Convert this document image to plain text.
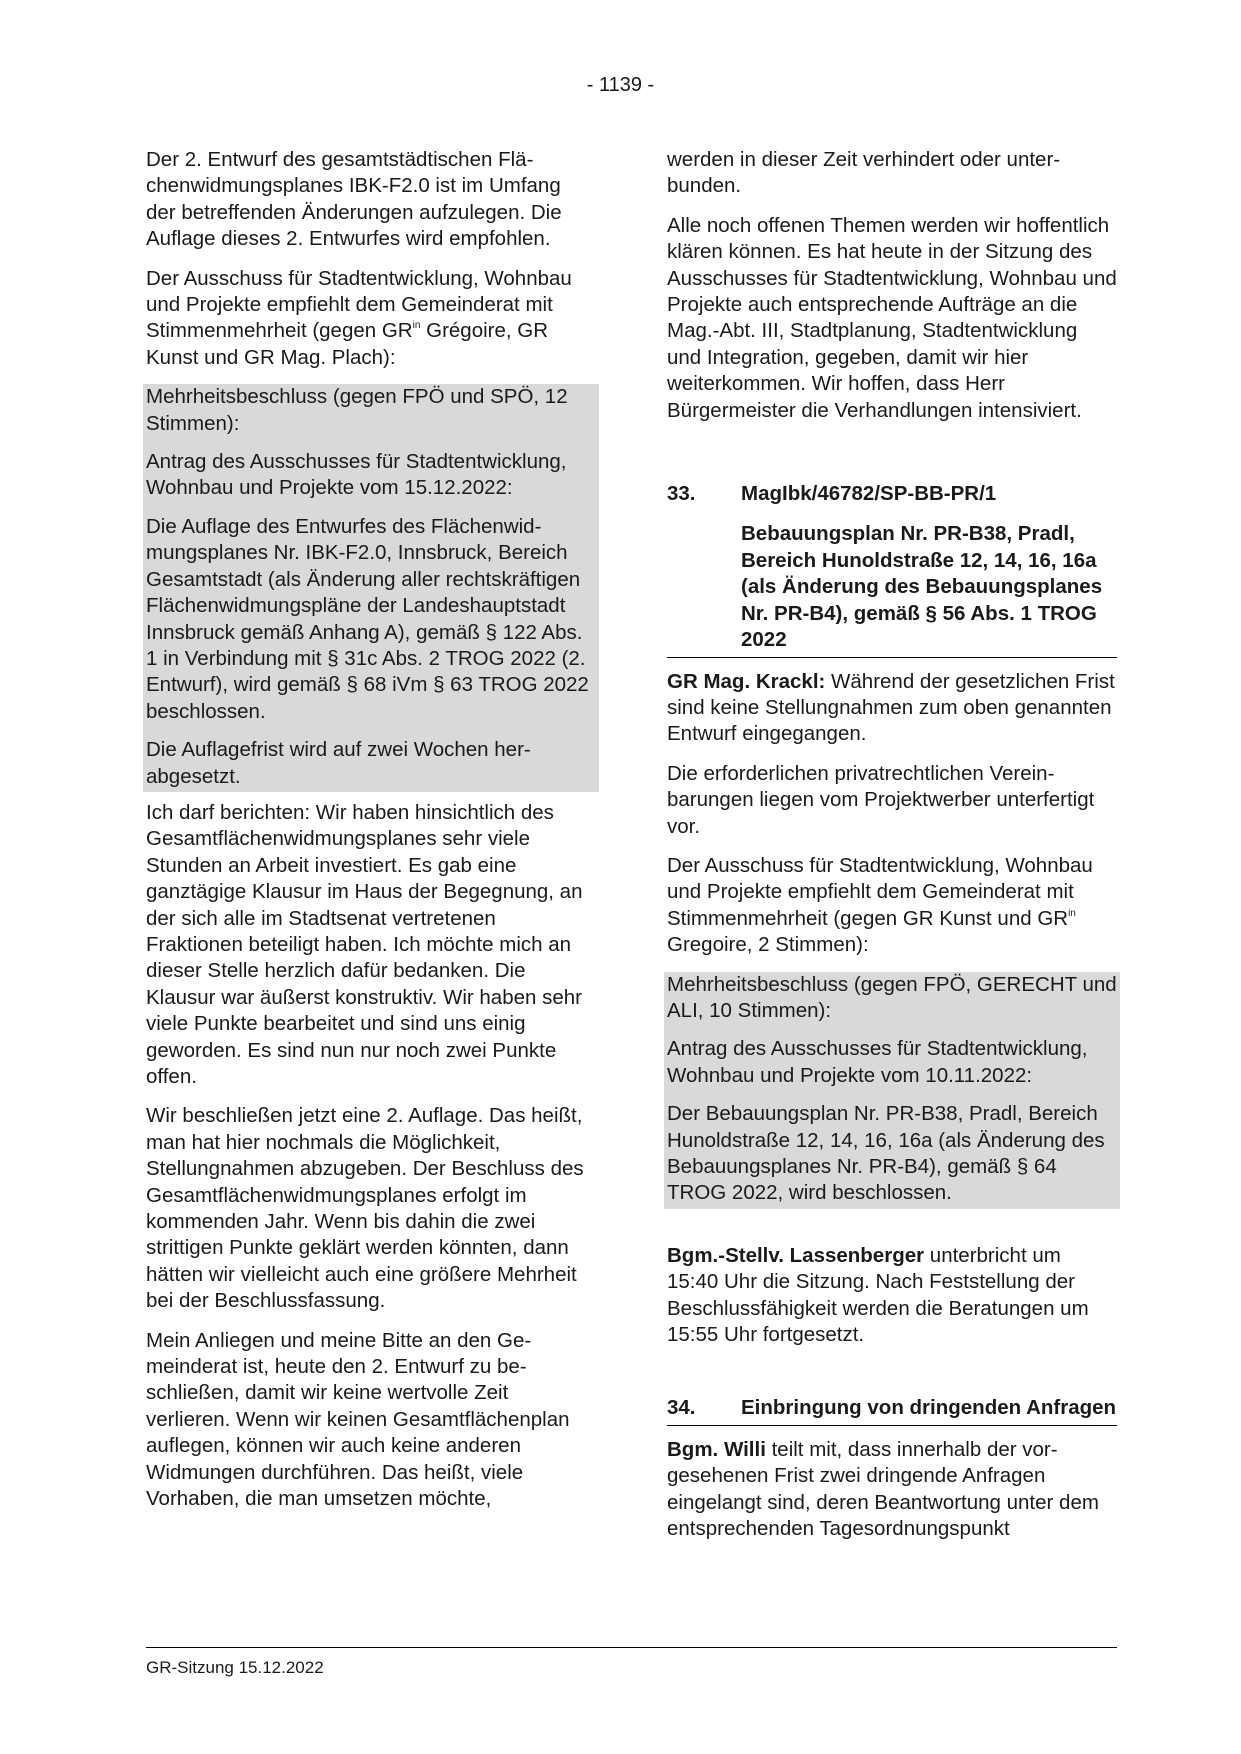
- 1139 -

Der 2. Entwurf des gesamtstädtischen Flächenwidmungsplanes IBK-F2.0 ist im Umfang der betreffenden Änderungen aufzulegen. Die Auflage dieses 2. Entwurfes wird empfohlen.

Der Ausschuss für Stadtentwicklung, Wohnbau und Projekte empfiehlt dem Gemeinderat mit Stimmenmehrheit (gegen $GR^{in}$ Grégoire, GR Kunst und GR Mag. Plach):

Mehrheitsbeschluss (gegen FPÖ und SPÖ, 12 Stimmen):

Antrag des Ausschusses für Stadtentwicklung, Wohnbau und Projekte vom 15.12.2022:

Die Auflage des Entwurfes des Flächenwidmungsplanes Nr. IBK-F2.0, Innsbruck, Bereich Gesamtstadt (als Änderung aller rechtskräftigen Flächenwidmungspläne der Landeshauptstadt Innsbruck gemäß Anhang A), gemäß § 122 Abs. 1 in Verbindung mit § 31c Abs. 2 TROG 2022 (2. Entwurf), wird gemäß § 68 iVm § 63 TROG 2022 beschlossen.

Die Auflagefrist wird auf zwei Wochen herabgesetzt.

Ich darf berichten: Wir haben hinsichtlich des Gesamtflächenwidmungsplanes sehr viele Stunden an Arbeit investiert. Es gab eine ganztägige Klausur im Haus der Begegnung, an der sich alle im Stadtsenat vertretenen Fraktionen beteiligt haben. Ich möchte mich an dieser Stelle herzlich dafür bedanken. Die Klausur war äußerst konstruktiv. Wir haben sehr viele Punkte bearbeitet und sind uns einig geworden. Es sind nun nur noch zwei Punkte offen.

Wir beschließen jetzt eine 2. Auflage. Das heißt, man hat hier nochmals die Möglichkeit, Stellungnahmen abzugeben. Der Beschluss des Gesamtflächenwidmungsplanes erfolgt im kommenden Jahr. Wenn bis dahin die zwei strittigen Punkte geklärt werden könnten, dann hätten wir vielleicht auch eine größere Mehrheit bei der Beschlussfassung.

Mein Anliegen und meine Bitte an den Gemeinderat ist, heute den 2. Entwurf zu beschließen, damit wir keine wertvolle Zeit verlieren. Wenn wir keinen Gesamtflächenplan auflegen, können wir auch keine anderen Widmungen durchführen. Das heißt, viele Vorhaben, die man umsetzen möchte,

werden in dieser Zeit verhindert oder unterbunden.

Alle noch offenen Themen werden wir hoffentlich klären können. Es hat heute in der Sitzung des Ausschusses für Stadtentwicklung, Wohnbau und Projekte auch entsprechende Aufträge an die Mag.-Abt. III, Stadtplanung, Stadtentwicklung und Integration, gegeben, damit wir hier weiterkommen. Wir hoffen, dass Herr Bürgermeister die Verhandlungen intensiviert.

33.	MagIbk/46782/SP-BB-PR/1
Bebauungsplan Nr. PR-B38, Pradl, Bereich Hunoldstraße 12, 14, 16, 16a (als Änderung des Bebauungsplanes Nr. PR-B4), gemäß § 56 Abs. 1 TROG 2022

GR Mag. Krackl: Während der gesetzlichen Frist sind keine Stellungnahmen zum oben genannten Entwurf eingegangen.

Die erforderlichen privatrechtlichen Vereinbarungen liegen vom Projektwerber unterfertigt vor.

Der Ausschuss für Stadtentwicklung, Wohnbau und Projekte empfiehlt dem Gemeinderat mit Stimmenmehrheit (gegen GR Kunst und $GR^{in}$ Gregoire, 2 Stimmen):

Mehrheitsbeschluss (gegen FPÖ, GERECHT und ALI, 10 Stimmen):

Antrag des Ausschusses für Stadtentwicklung, Wohnbau und Projekte vom 10.11.2022:

Der Bebauungsplan Nr. PR-B38, Pradl, Bereich Hunoldstraße 12, 14, 16, 16a (als Änderung des Bebauungsplanes Nr. PR-B4), gemäß § 64 TROG 2022, wird beschlossen.

Bgm.-Stellv. Lassenberger unterbricht um 15:40 Uhr die Sitzung. Nach Feststellung der Beschlussfähigkeit werden die Beratungen um 15:55 Uhr fortgesetzt.

34.	Einbringung von dringenden Anfragen

Bgm. Willi teilt mit, dass innerhalb der vorgesehenen Frist zwei dringende Anfragen eingelangt sind, deren Beantwortung unter dem entsprechenden Tagesordnungspunkt

GR-Sitzung 15.12.2022
